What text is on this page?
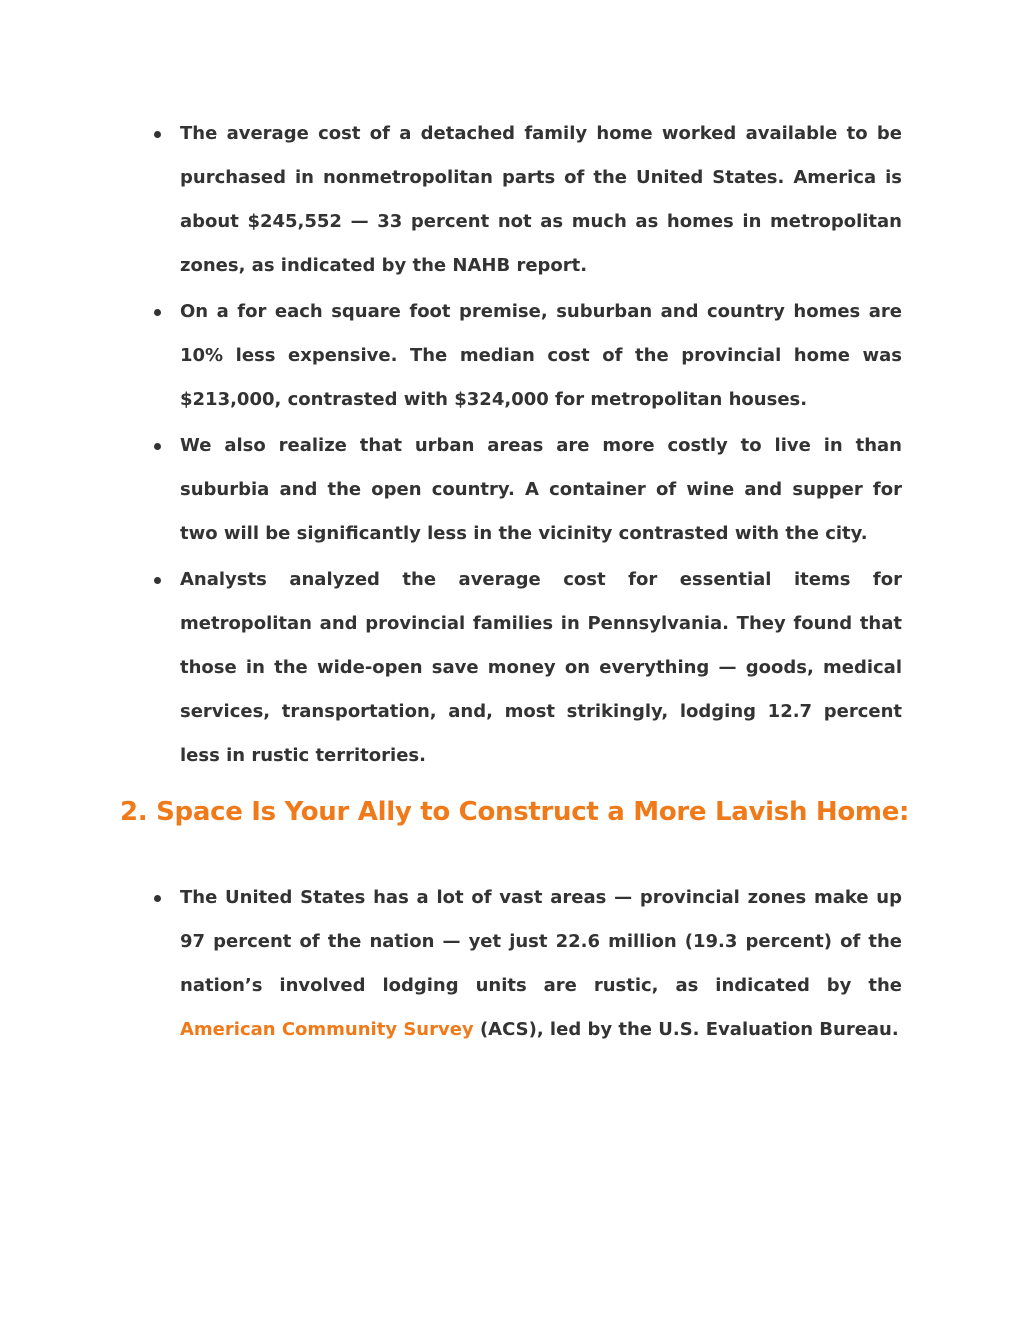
The average cost of a detached family home worked available to be purchased in nonmetropolitan parts of the United States. America is about $245,552 — 33 percent not as much as homes in metropolitan zones, as indicated by the NAHB report.
On a for each square foot premise, suburban and country homes are 10% less expensive. The median cost of the provincial home was $213,000, contrasted with $324,000 for metropolitan houses.
We also realize that urban areas are more costly to live in than suburbia and the open country. A container of wine and supper for two will be significantly less in the vicinity contrasted with the city.
Analysts analyzed the average cost for essential items for metropolitan and provincial families in Pennsylvania. They found that those in the wide-open save money on everything — goods, medical services, transportation, and, most strikingly, lodging 12.7 percent less in rustic territories.
2. Space Is Your Ally to Construct a More Lavish Home:
The United States has a lot of vast areas — provincial zones make up 97 percent of the nation — yet just 22.6 million (19.3 percent) of the nation’s involved lodging units are rustic, as indicated by the American Community Survey (ACS), led by the U.S. Evaluation Bureau.
